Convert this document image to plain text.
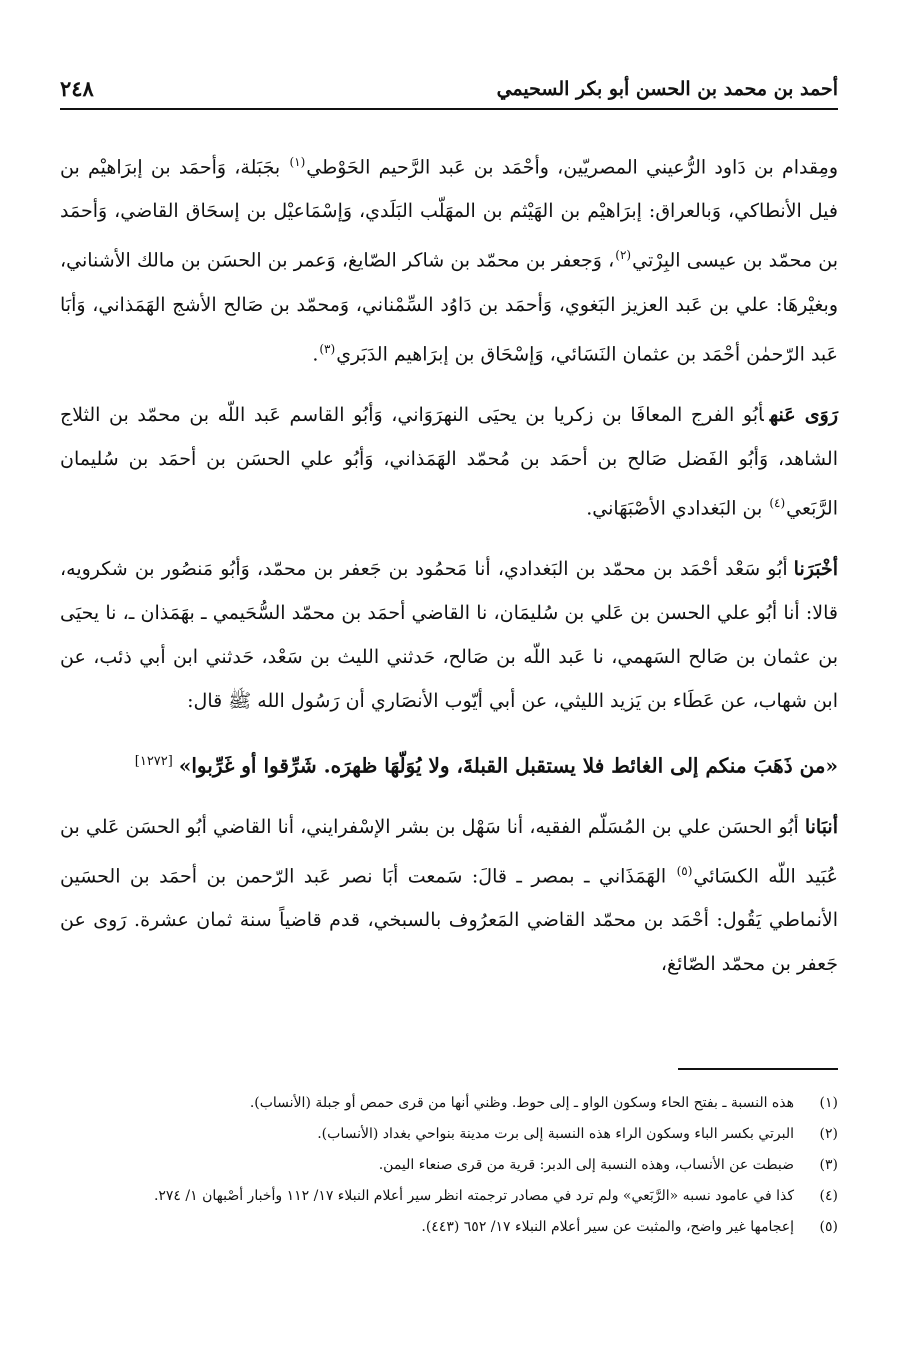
أحمد بن محمد بن الحسن أبو بكر السحيمي
٢٤٨

ومِقدام بن دَاود الرُّعيني المصريّين، وأحْمَد بن عَبد الرَّحيم الحَوْطي$^{(١)}$ بجَبَلة، وَأحمَد بن إبرَاهيْم بن فيل الأنطاكي، وَبالعراق: إبرَاهيْم بن الهَيْثم بن المهَلّب البَلَدي، وَإسْمَاعيْل بن إسحَاق القاضي، وَأحمَد بن محمّد بن عيسى البِرْتي$^{(٢)}$، وَجعفر بن محمّد بن شاكر الصّايغ، وَعمر بن الحسَن بن مالك الأشناني، وبغيْرهَا: علي بن عَبد العزيز البَغوي، وَأحمَد بن دَاوُد السِّمْناني، وَمحمّد بن صَالح الأشج الهَمَذاني، وَأبَا عَبد الرّحمٰن أحْمَد بن عثمان النَسَائي، وَإسْحَاق بن إبرَاهيم الدَبَري$^{(٣)}$.

رَوَى عَنهأبُو الفرج المعافَا بن زكريا بن يحيَى النهرَوَاني، وَأبُو القاسم عَبد اللّه بن محمّد بن الثلاج الشاهد، وَأبُو الفَضل صَالح بن أحمَد بن مُحمّد الهَمَذاني، وَأبُو علي الحسَن بن أحمَد بن سُليمان الرَّبَعي$^{(٤)}$ بن البَغدادي الأصْبَهَاني.

أخْبَرَناأبُو سَعْد أحْمَد بن محمّد بن البَغدادي، أنا مَحمُود بن جَعفر بن محمّد، وَأبُو مَنصُور بن شكرويه، قالا: أنا أبُو علي الحسن بن عَلي بن سُليمَان، نا القاضي أحمَد بن محمّد السُّحَيمي ـ بهَمَذان ـ، نا يحيَى بن عثمان بن صَالح السَهمي، نا عَبد اللّه بن صَالح، حَدثني الليث بن سَعْد، حَدثني ابن أبي ذئب، عن ابن شهاب، عن عَطَاء بن يَزيد الليثي، عن أبي أيّوب الأنصَاري أن رَسُول الله ﷺ قال:

«من ذَهَبَ منكم إلى الغائط فلا يستقبل القبلةَ، ولا يُوَلّهَا ظهرَه. شَرِّقوا أو غَرِّبوا»[١٢٧٢]

أنبَاناأبُو الحسَن علي بن المُسَلّم الفقيه، أنا سَهْل بن بشر الإسْفرايني، أنا القاضي أبُو الحسَن عَلي بن عُبَيد اللّه الكسَائي$^{(٥)}$ الهَمَذَاني ـ بمصر ـ قالَ: سَمعت أبَا نصر عَبد الرّحمن بن أحمَد بن الحسَين الأنماطي يَقُول: أحْمَد بن محمّد القاضي المَعرُوف بالسبخي، قدم قاضياً سنة ثمان عشرة. رَوى عن جَعفر بن محمّد الصّائغ،

(١)
هذه النسبة ـ بفتح الحاء وسكون الواو ـ إلى حوط. وظني أنها من قرى حمص أو جبلة (الأنساب).
(٢)
البرتي بكسر الباء وسكون الراء هذه النسبة إلى برت مدينة بنواحي بغداد (الأنساب).
(٣)
ضبطت عن الأنساب، وهذه النسبة إلى الدبر: قرية من قرى صنعاء اليمن.
(٤)
كذا في عامود نسبه «الرَّبَعي» ولم ترد في مصادر ترجمته انظر سير أعلام النبلاء ١٧/ ١١٢ وأخبار أصْبهان ١/ ٢٧٤.
(٥)
إعجامها غير واضح، والمثبت عن سير أعلام النبلاء ١٧/ ٦٥٢ (٤٤٣).
